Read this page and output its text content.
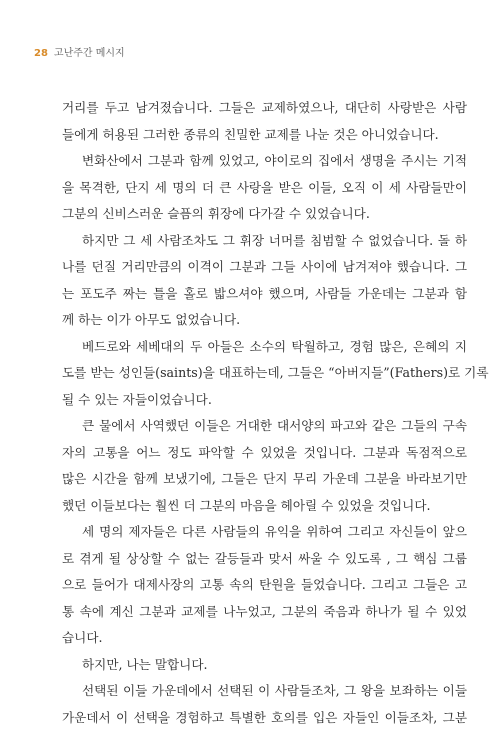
28 고난주간 메시지
거리를 두고 남겨졌습니다. 그들은 교제하였으나, 대단히 사랑받은 사람
들에게 허용된 그러한 종류의 친밀한 교제를 나눈 것은 아니었습니다.
변화산에서 그분과 함께 있었고, 야이로의 집에서 생명을 주시는 기적
을 목격한, 단지 세 명의 더 큰 사랑을 받은 이들, 오직 이 세 사람들만이
그분의 신비스러운 슬픔의 휘장에 다가갈 수 있었습니다.
하지만 그 세 사람조차도 그 휘장 너머를 침범할 수 없었습니다. 돌 하
나를 던질 거리만큼의 이격이 그분과 그들 사이에 남겨져야 했습니다. 그
는 포도주 짜는 틀을 홀로 밟으셔야 했으며, 사람들 가운데는 그분과 함
께 하는 이가 아무도 없었습니다.
베드로와 세베대의 두 아들은 소수의 탁월하고, 경험 많은, 은혜의 지
도를 받는 성인들(saints)을 대표하는데, 그들은 “아버지들”(Fathers)로 기록
될 수 있는 자들이었습니다.
큰 물에서 사역했던 이들은 거대한 대서양의 파고와 같은 그들의 구속
자의 고통을 어느 정도 파악할 수 있었을 것입니다. 그분과 독점적으로
많은 시간을 함께 보냈기에, 그들은 단지 무리 가운데 그분을 바라보기만
했던 이들보다는 훨씬 더 그분의 마음을 헤아릴 수 있었을 것입니다.
세 명의 제자들은 다른 사람들의 유익을 위하여 그리고 자신들이 앞으
로 겪게 될 상상할 수 없는 갈등들과 맞서 싸울 수 있도록 , 그 핵심 그룹
으로 들어가 대제사장의 고통 속의 탄원을 들었습니다. 그리고 그들은 고
통 속에 계신 그분과 교제를 나누었고, 그분의 죽음과 하나가 될 수 있었
습니다.
하지만, 나는 말합니다.
선택된 이들 가운데에서 선택된 이 사람들조차, 그 왕을 보좌하는 이들
가운데서 이 선택을 경험하고 특별한 호의를 입은 자들인 이들조차, 그분
